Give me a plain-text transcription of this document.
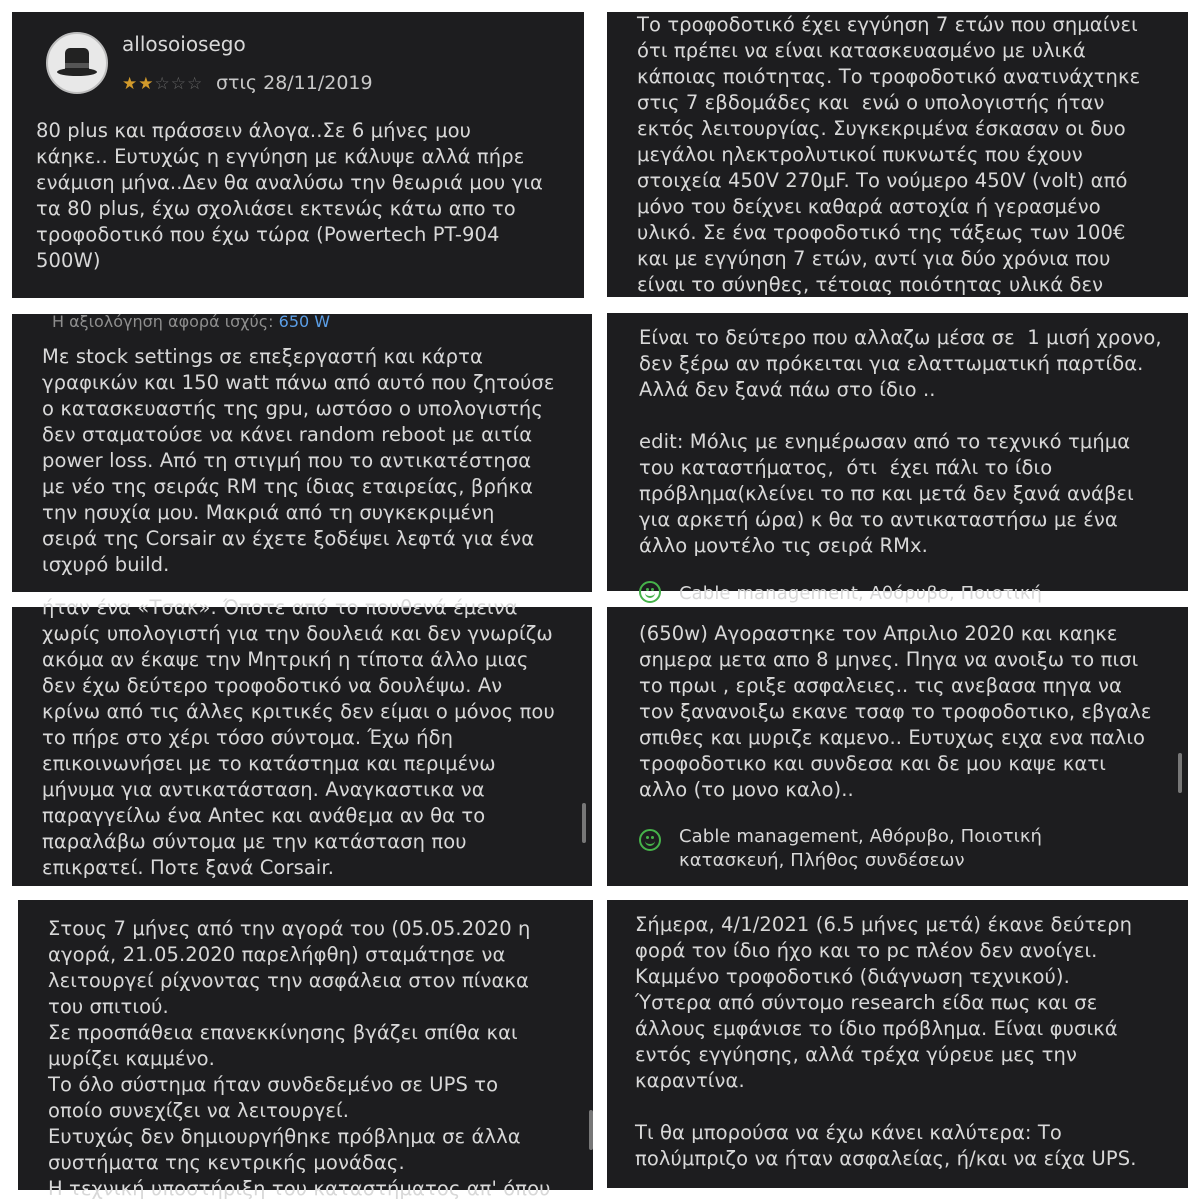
allosoiosego
★★☆☆☆ στις 28/11/2019
80 plus και πράσσειν άλογα..Σε 6 μήνες μου
κάηκε.. Ευτυχώς η εγγύηση με κάλυψε αλλά πήρε
ενάμιση μήνα..Δεν θα αναλύσω την θεωριά μου για
τα 80 plus, έχω σχολιάσει εκτενώς κάτω απο το
τροφοδοτικό που έχω τώρα (Powertech PT-904
500W)
Το τροφοδοτικό έχει εγγύηση 7 ετών που σημαίνει
ότι πρέπει να είναι κατασκευασμένο με υλικά
κάποιας ποιότητας. Το τροφοδοτικό ανατινάχτηκε
στις 7 εβδομάδες και  ενώ ο υπολογιστής ήταν
εκτός λειτουργίας. Συγκεκριμένα έσκασαν οι δυο
μεγάλοι ηλεκτρολυτικοί πυκνωτές που έχουν
στοιχεία 450V 270μF. Το νούμερο 450V (volt) από
μόνο του δείχνει καθαρά αστοχία ή γερασμένο
υλικό. Σε ένα τροφοδοτικό της τάξεως των 100€
και με εγγύηση 7 ετών, αντί για δύο χρόνια που
είναι το σύνηθες, τέτοιας ποιότητας υλικά δεν
Η αξιολόγηση αφορά ισχύς: 650 W
Με stock settings σε επεξεργαστή και κάρτα
γραφικών και 150 watt πάνω από αυτό που ζητούσε
ο κατασκευαστής της gpu, ωστόσο ο υπολογιστής
δεν σταματούσε να κάνει random reboot με αιτία
power loss. Από τη στιγμή που το αντικατέστησα
με νέο της σειράς RM της ίδιας εταιρείας, βρήκα
την ησυχία μου. Μακριά από τη συγκεκριμένη
σειρά της Corsair αν έχετε ξοδέψει λεφτά για ένα
ισχυρό build.
Είναι το δεύτερο που αλλαζω μέσα σε  1 μισή χρονο,
δεν ξέρω αν πρόκειται για ελαττωματική παρτίδα.
Αλλά δεν ξανά πάω στο ίδιο ..

edit: Μόλις με ενημέρωσαν από το τεχνικό τμήμα
του καταστήματος,  ότι  έχει πάλι το ίδιο
πρόβλημα(κλείνει το πσ και μετά δεν ξανά ανάβει
για αρκετή ώρα) κ θα το αντικαταστήσω με ένα
άλλο μοντέλο τις σειρά RMx.
Cable management, Αθόρυβο, Ποιοτική
ήταν ένα «Τσακ». Όποτε από το πουθενά έμεινα
χωρίς υπολογιστή για την δουλειά και δεν γνωρίζω
ακόμα αν έκαψε την Μητρική η τίποτα άλλο μιας
δεν έχω δεύτερο τροφοδοτικό να δουλέψω. Αν
κρίνω από τις άλλες κριτικές δεν είμαι ο μόνος που
το πήρε στο χέρι τόσο σύντομα. Έχω ήδη
επικοινωνήσει με το κατάστημα και περιμένω
μήνυμα για αντικατάσταση. Αναγκαστικα να
παραγγείλω ένα Antec και ανάθεμα αν θα το
παραλάβω σύντομα με την κατάσταση που
επικρατεί. Ποτε ξανά Corsair.
(650w) Αγοραστηκε τον Απριλιο 2020 και καηκε
σημερα μετα απο 8 μηνες. Πηγα να ανοιξω το πισι
το πρωι , εριξε ασφαλειες.. τις ανεβασα πηγα να
τον ξανανοιξω εκανε τσαφ το τροφοδοτικο, εβγαλε
σπιθες και μυριζε καμενο.. Ευτυχως ειχα ενα παλιο
τροφοδοτικο και συνδεσα και δε μου καψε κατι
αλλο (το μονο καλο)..
Cable management, Αθόρυβο, Ποιοτική
κατασκευή, Πλήθος συνδέσεων
Στους 7 μήνες από την αγορά του (05.05.2020 η
αγορά, 21.05.2020 παρελήφθη) σταμάτησε να
λειτουργεί ρίχνοντας την ασφάλεια στον πίνακα
του σπιτιού.
Σε προσπάθεια επανεκκίνησης βγάζει σπίθα και
μυρίζει καμμένο.
Το όλο σύστημα ήταν συνδεδεμένο σε UPS το
οποίο συνεχίζει να λειτουργεί.
Ευτυχώς δεν δημιουργήθηκε πρόβλημα σε άλλα
συστήματα της κεντρικής μονάδας.
Η τεχνική υποστήριξη του καταστήματος απ' όπου
Σήμερα, 4/1/2021 (6.5 μήνες μετά) έκανε δεύτερη
φορά τον ίδιο ήχο και το pc πλέον δεν ανοίγει.
Καμμένο τροφοδοτικό (διάγνωση τεχνικού).
Ύστερα από σύντομο research είδα πως και σε
άλλους εμφάνισε το ίδιο πρόβλημα. Είναι φυσικά
εντός εγγύησης, αλλά τρέχα γύρευε μες την
καραντίνα.

Τι θα μπορούσα να έχω κάνει καλύτερα: Το
πολύμπριζο να ήταν ασφαλείας, ή/και να είχα UPS.
